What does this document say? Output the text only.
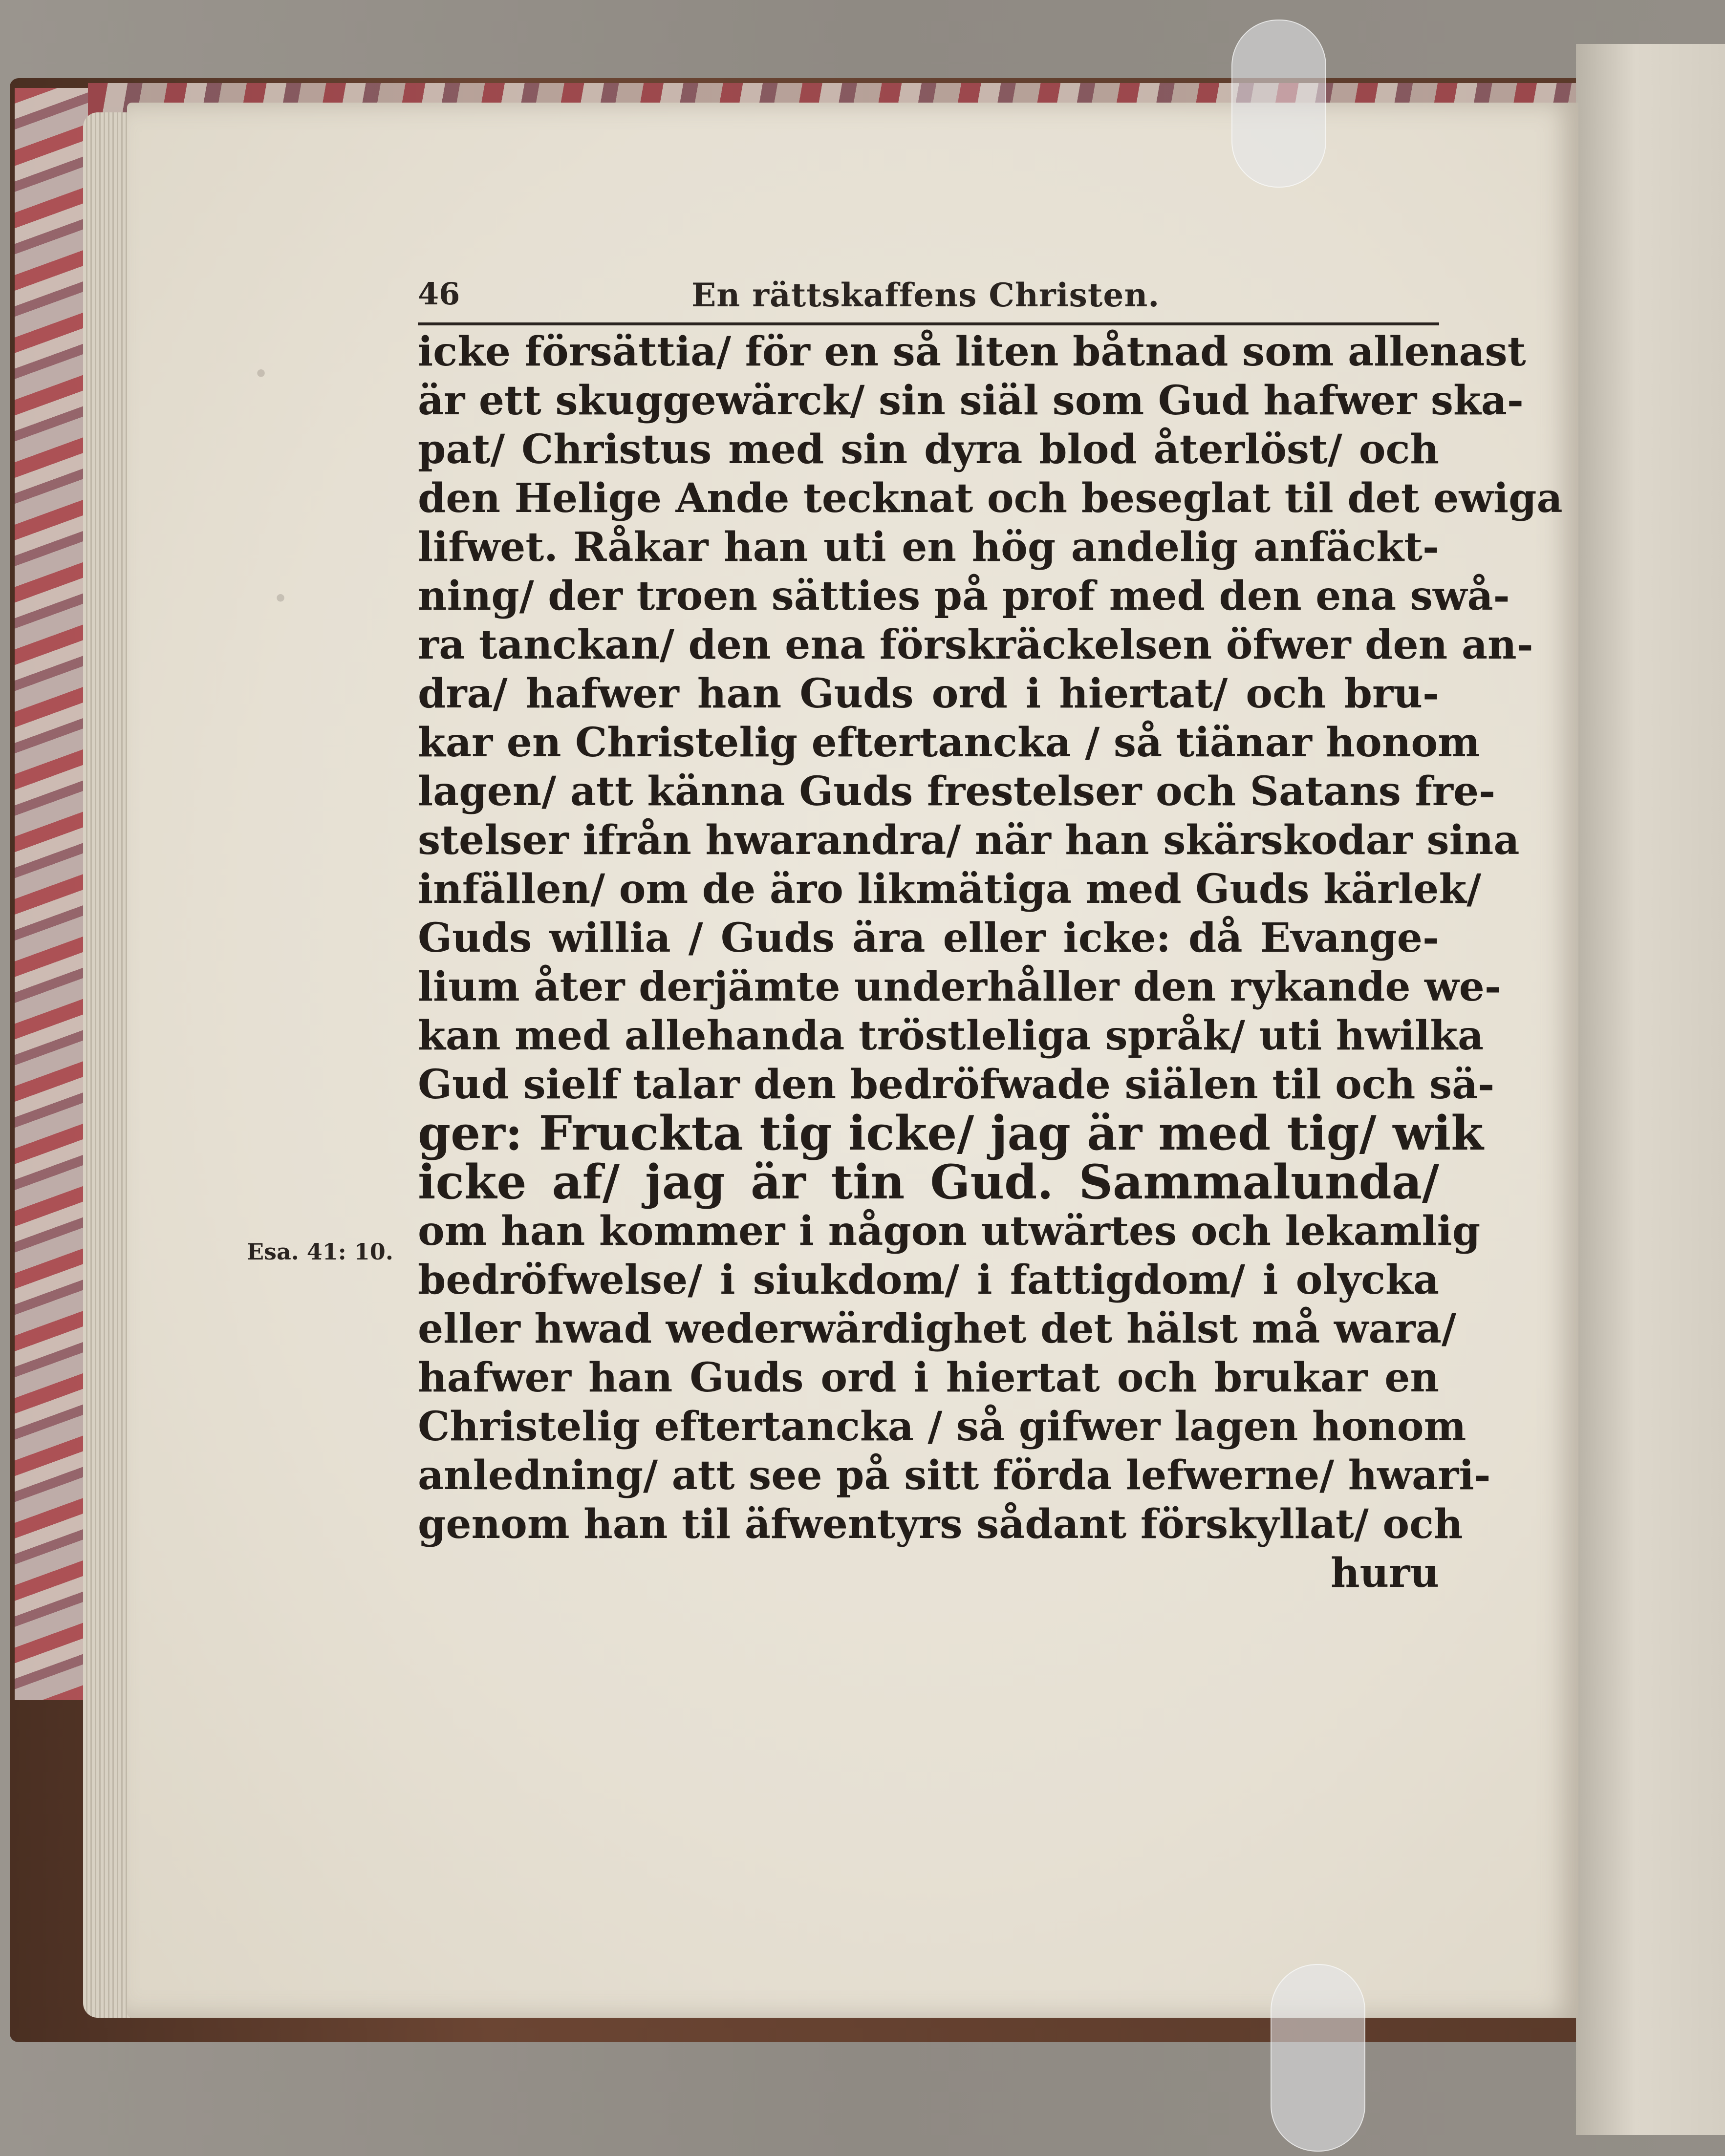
•
•
46	En rättskaffens Christen.
Esa. 41: 10.
icke försättia/ för en så liten båtnad som allenast
är ett skuggewärck/ sin siäl som Gud hafwer ska-
pat/ Christus med sin dyra blod återlöst/ och
den Helige Ande tecknat och beseglat til det ewiga
lifwet. Råkar han uti en hög andelig anfäckt-
ning/ der troen sätties på prof med den ena swå-
ra tanckan/ den ena förskräckelsen öfwer den an-
dra/ hafwer han Guds ord i hiertat/ och bru-
kar en Christelig eftertancka / så tiänar honom
lagen/ att känna Guds frestelser och Satans fre-
stelser ifrån hwarandra/ när han skärskodar sina
infällen/ om de äro likmätiga med Guds kärlek/
Guds willia / Guds ära eller icke: då Evange-
lium åter derjämte underhåller den rykande we-
kan med allehanda tröstleliga språk/ uti hwilka
Gud sielf talar den bedröfwade siälen til och sä-
ger: Fruckta tig icke/ jag är med tig/ wik
icke af/ jag är tin Gud. Sammalunda/
om han kommer i någon utwärtes och lekamlig
bedröfwelse/ i siukdom/ i fattigdom/ i olycka
eller hwad wederwärdighet det hälst må wara/
hafwer han Guds ord i hiertat och brukar en
Christelig eftertancka / så gifwer lagen honom
anledning/ att see på sitt förda lefwerne/ hwari-
genom han til äfwentyrs sådant förskyllat/ och
huru
